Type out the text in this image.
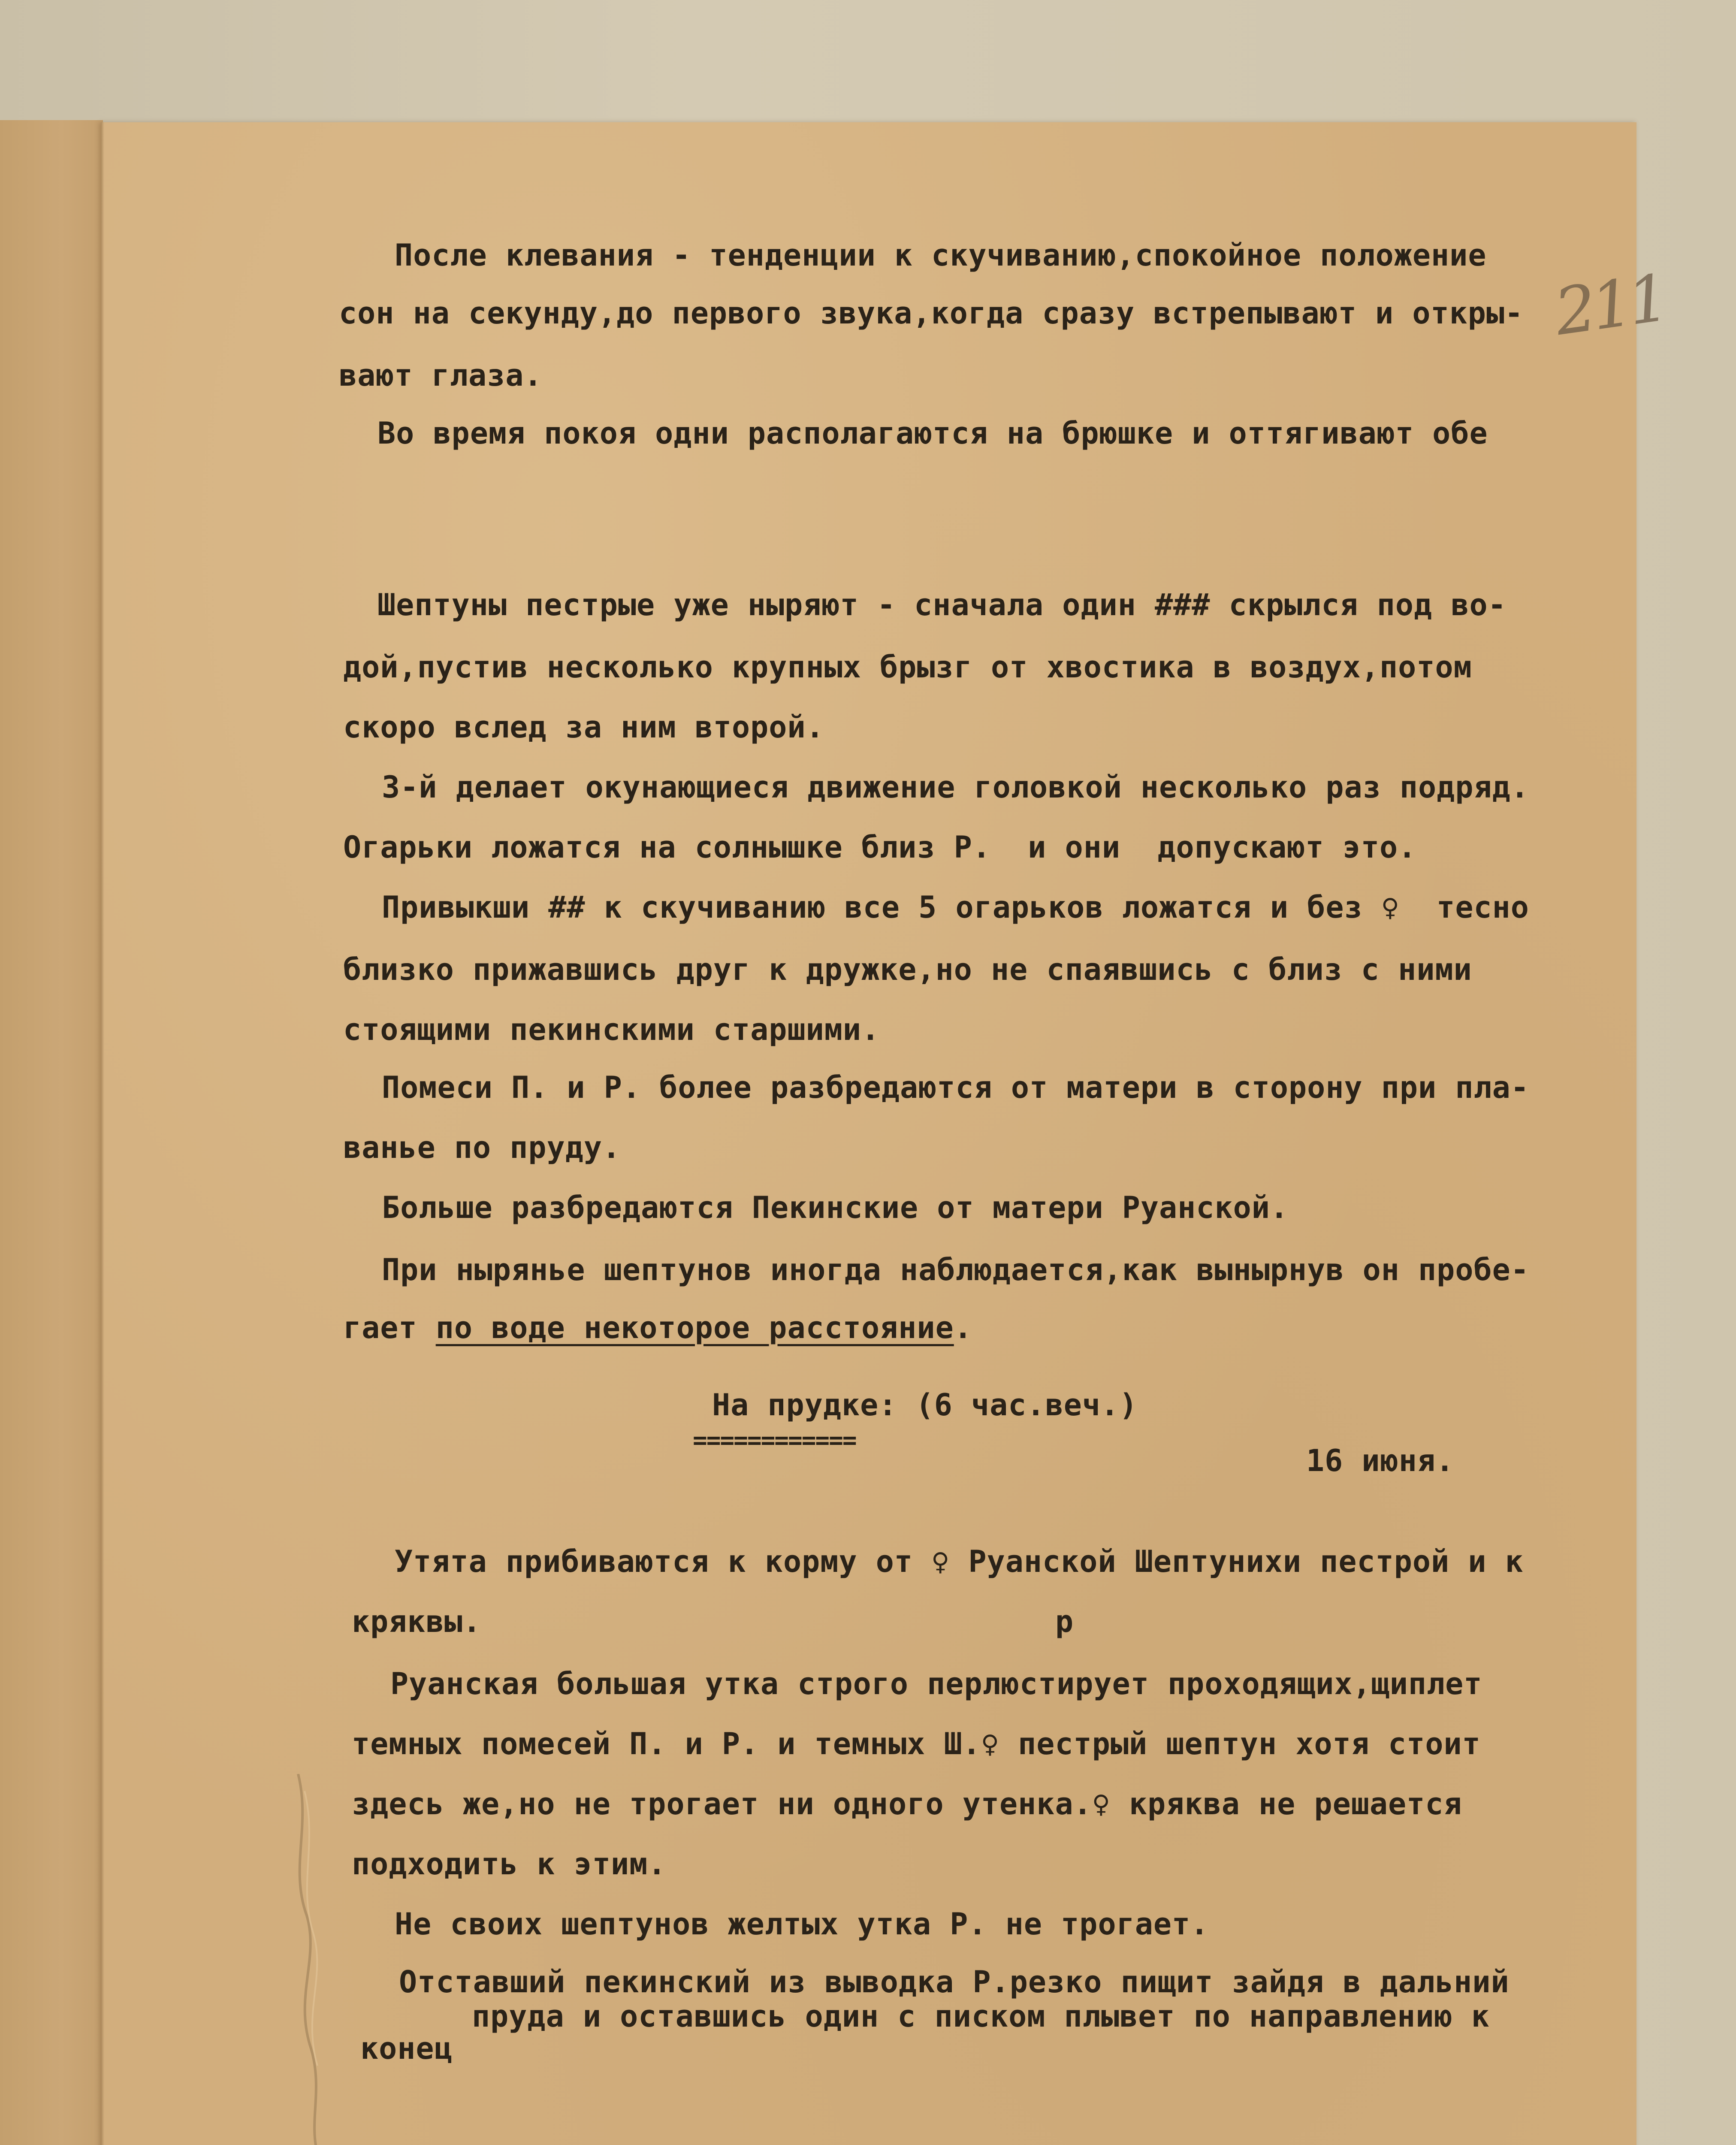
211
После клевания - тенденции к скучиванию,спокойное положение
сон на секунду,до первого звука,когда сразу встрепывают и откры-
вают глаза.
Во время покоя одни располагаются на брюшке и оттягивают обе
Шептуны пестрые уже ныряют - сначала один ### скрылся под во-
дой,пустив несколько крупных брызг от хвостика в воздух,потом
скоро вслед за ним второй.
3-й делает окунающиеся движение головкой несколько раз подряд.
Огарьки ложатся на солнышке близ Р.  и они  допускают это.
Привыкши ## к скучиванию все 5 огарьков ложатся и без ♀  тесно
близко прижавшись друг к дружке,но не спаявшись с близ с ними
стоящими пекинскими старшими.
Помеси П. и Р. более разбредаются от матери в сторону при пла-
ванье по пруду.
Больше разбредаются Пекинские от матери Руанской.
При нырянье шептунов иногда наблюдается,как вынырнув он пробе-
гает по воде некоторое расстояние.
На прудке: (6 час.веч.)
============
16 июня.
Утята прибиваются к корму от ♀ Руанской Шептунихи пестрой и к
кряквы.	р
Руанская большая утка строго перлюстирует проходящих,щиплет
темных помесей П. и Р. и темных Ш.♀ пестрый шептун хотя стоит
здесь же,но не трогает ни одного утенка.♀ кряква не решается
подходить к этим.
Не своих шептунов желтых утка Р. не трогает.
Отставший пекинский из выводка Р.резко пищит зайдя в дальний
пруда и оставшись один с писком плывет по направлению к
конец
